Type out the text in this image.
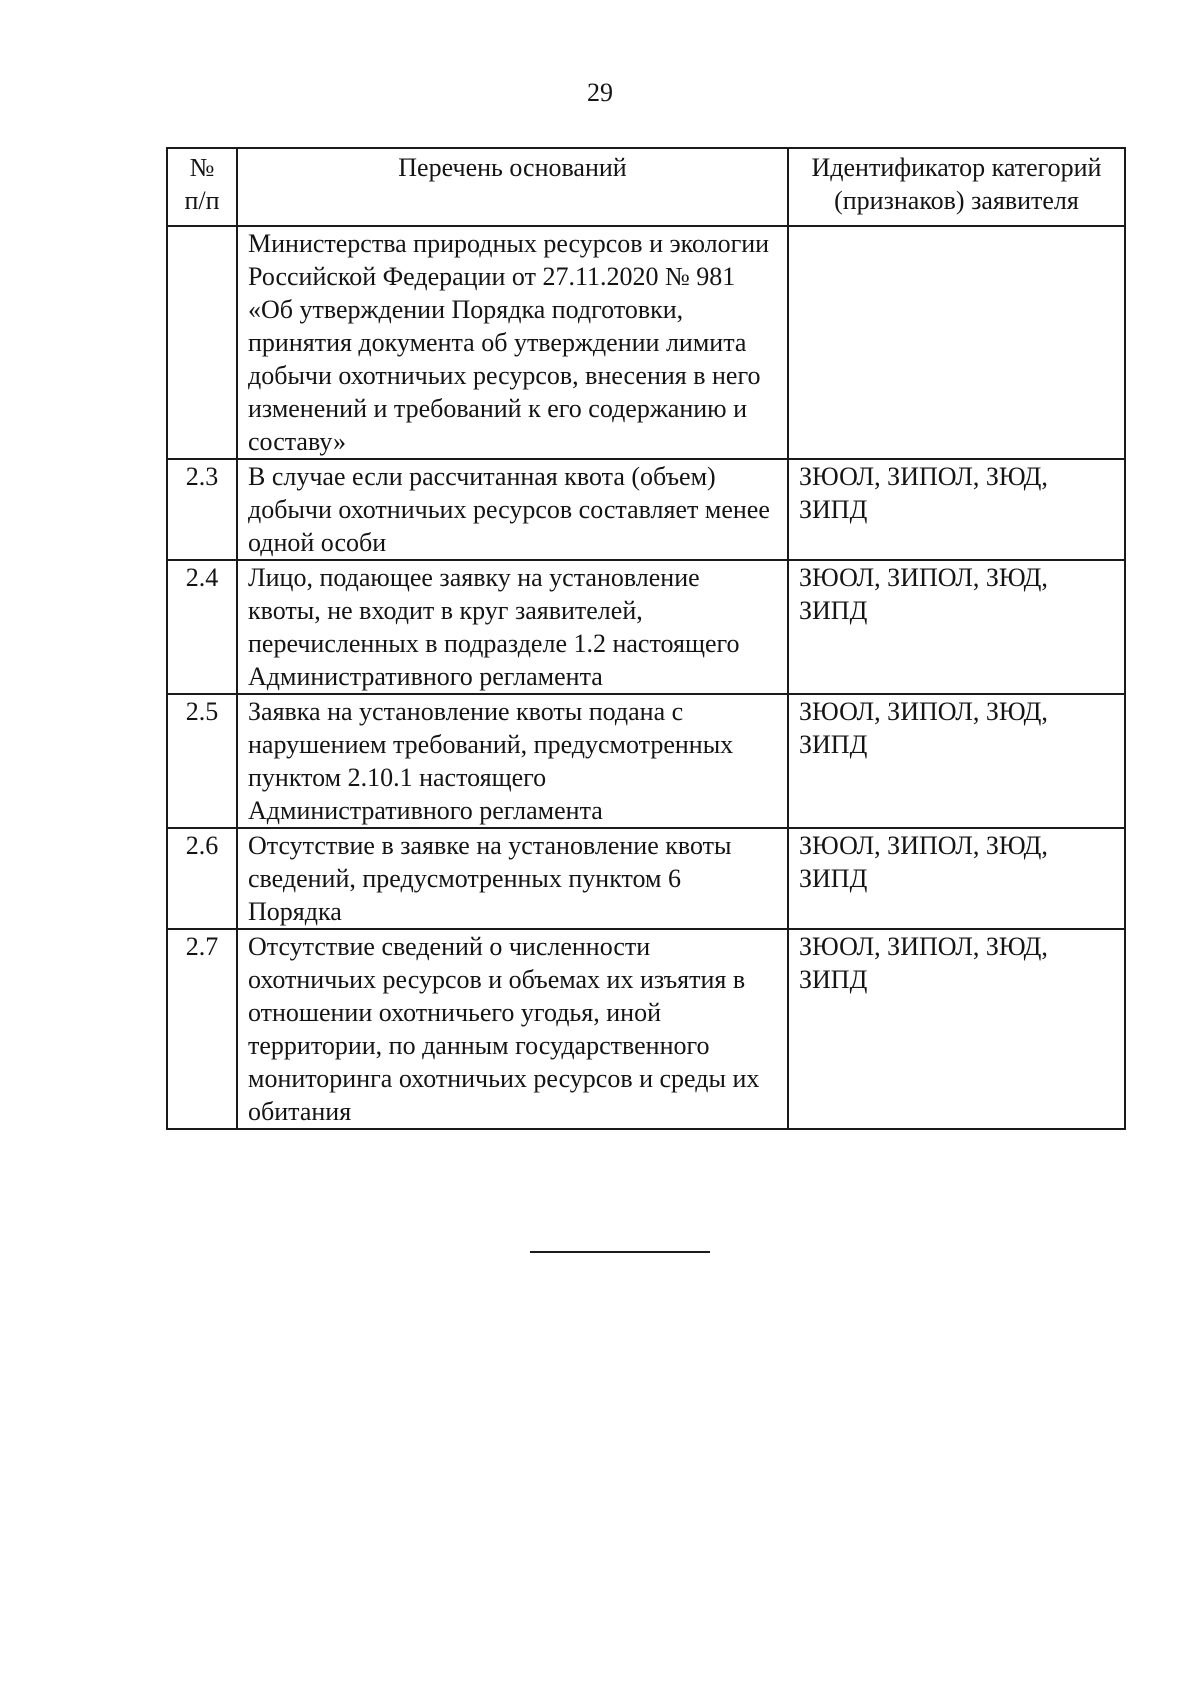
29
№ п/п	Перечень оснований	Идентификатор категорий (признаков) заявителя
	Министерства природных ресурсов и экологии Российской Федерации от 27.11.2020 № 981 «Об утверждении Порядка подготовки, принятия документа об утверждении лимита добычи охотничьих ресурсов, внесения в него изменений и требований к его содержанию и составу»	
2.3	В случае если рассчитанная квота (объем) добычи охотничьих ресурсов составляет менее одной особи	ЗЮОЛ, ЗИПОЛ, ЗЮД, ЗИПД
2.4	Лицо, подающее заявку на установление квоты, не входит в круг заявителей, перечисленных в подразделе 1.2 настоящего Административного регламента	ЗЮОЛ, ЗИПОЛ, ЗЮД, ЗИПД
2.5	Заявка на установление квоты подана с нарушением требований, предусмотренных пунктом 2.10.1 настоящего Административного регламента	ЗЮОЛ, ЗИПОЛ, ЗЮД, ЗИПД
2.6	Отсутствие в заявке на установление квоты сведений, предусмотренных пунктом 6 Порядка	ЗЮОЛ, ЗИПОЛ, ЗЮД, ЗИПД
2.7	Отсутствие сведений о численности охотничьих ресурсов и объемах их изъятия в отношении охотничьего угодья, иной территории, по данным государственного мониторинга охотничьих ресурсов и среды их обитания	ЗЮОЛ, ЗИПОЛ, ЗЮД, ЗИПД
